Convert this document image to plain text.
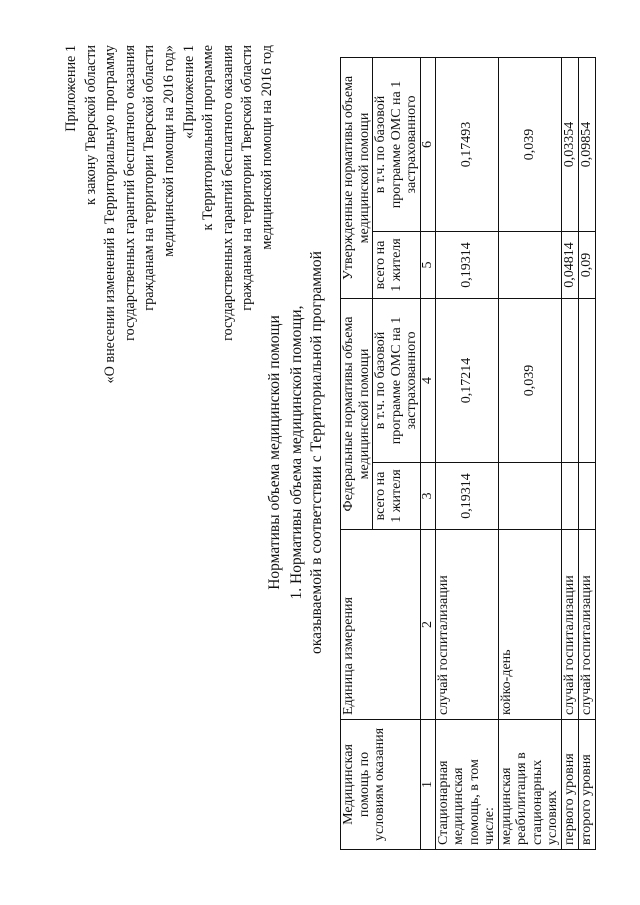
Приложение 1 к закону Тверской области «О внесении изменений в Территориальную программу государственных гарантий бесплатного оказания гражданам на территории Тверской области медицинской помощи на 2016 год» «Приложение 1 к Территориальной программе государственных гарантий бесплатного оказания гражданам на территории Тверской области медицинской помощи на 2016 год
Нормативы объема медицинской помощи 1. Нормативы объема медицинской помощи, оказываемой в соответствии с Территориальной программой
Медицинская помощь по условиям оказания	Единица измерения	Федеральные нормативы объема медицинской помощи		Утвержденные нормативы объема медицинской помощи	
		всего на 1 жителя	в т.ч. по базовой программе ОМС на 1 застрахованного	всего на 1 жителя	в т.ч. по базовой программе ОМС на 1 застрахованного
1	2	3	4	5	6
Стационарная медицинская помощь, в том числе:	случай госпитализации	0,19314	0,17214	0,19314	0,17493
медицинская реабилитация в стационарных условиях	койко-день		0,039		0,039
первого уровня	случай госпитализации			0,04814	0,03354
второго уровня	случай госпитализации			0,09	0,09854
